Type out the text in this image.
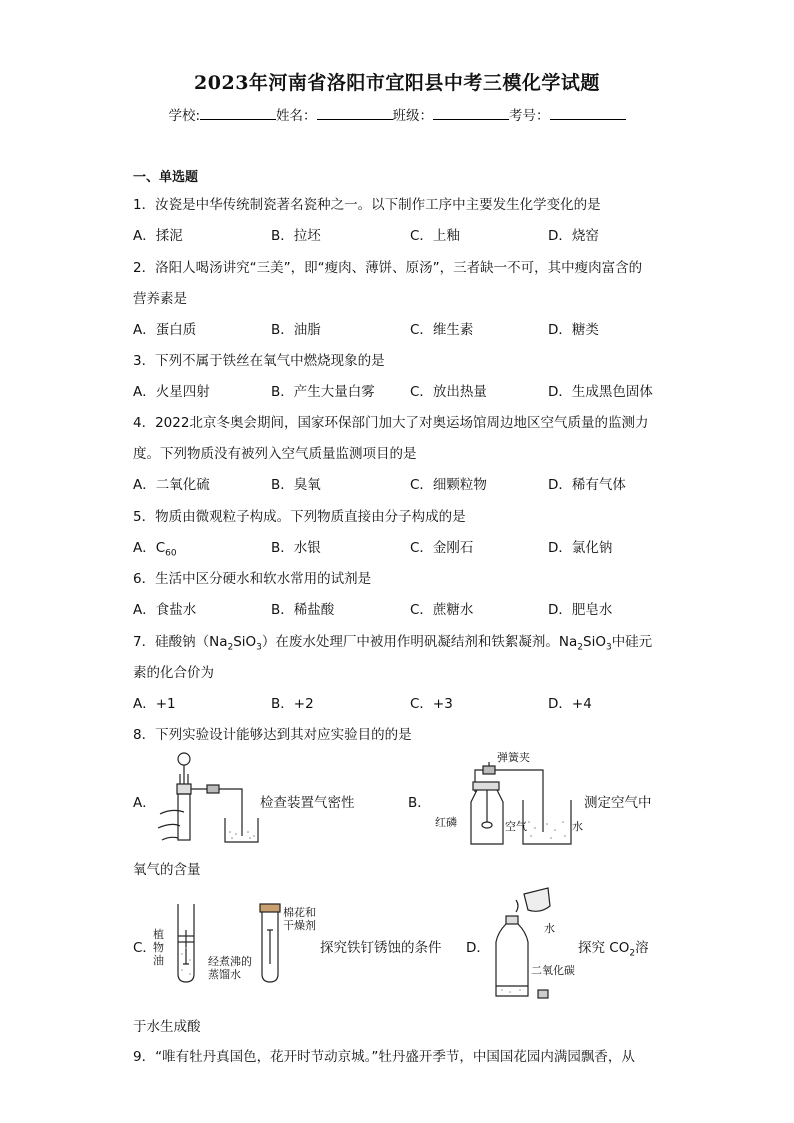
2023年河南省洛阳市宜阳县中考三模化学试题
学校:	姓名：	班级：	考号：
一、单选题
1．汝瓷是中华传统制瓷著名瓷种之一。以下制作工序中主要发生化学变化的是
A．揉泥	B．拉坯	C．上釉	D．烧窑
2．洛阳人喝汤讲究“三美”，即“瘦肉、薄饼、原汤”，三者缺一不可，其中瘦肉富含的
营养素是
A．蛋白质	B．油脂	C．维生素	D．糖类
3．下列不属于铁丝在氧气中燃烧现象的是
A．火星四射	B．产生大量白雾	C．放出热量	D．生成黑色固体
4．2022北京冬奥会期间，国家环保部门加大了对奥运场馆周边地区空气质量的监测力
度。下列物质没有被列入空气质量监测项目的是
A．二氧化硫	B．臭氧	C．细颗粒物	D．稀有气体
5．物质由微观粒子构成。下列物质直接由分子构成的是
A．$C_{60}$	B．水银	C．金刚石	D．氯化钠
6．生活中区分硬水和软水常用的试剂是
A．食盐水	B．稀盐酸	C．蔗糖水	D．肥皂水
7．硅酸钠$(Na_2SiO_3)$在废水处理厂中被用作明矾凝结剂和铁絮凝剂。$Na_2SiO_3$中硅元
素的化合价为
A．+1	B．+2	C．+3	D．+4
8．下列实验设计能够达到其对应实验目的的是
A．	检查装置气密性	B．
弹簧夹
红磷	空气	水
测定空气中
氧气的含量
C．
植
物
油	经煮沸的
蒸馏水
棉花和
干燥剂
探究铁钉锈蚀的条件 D．
水
二氧化碳
探究 $CO_2$溶
于水生成酸
9．“唯有牡丹真国色，花开时节动京城。”牡丹盛开季节，中国国花园内满园飘香，从
